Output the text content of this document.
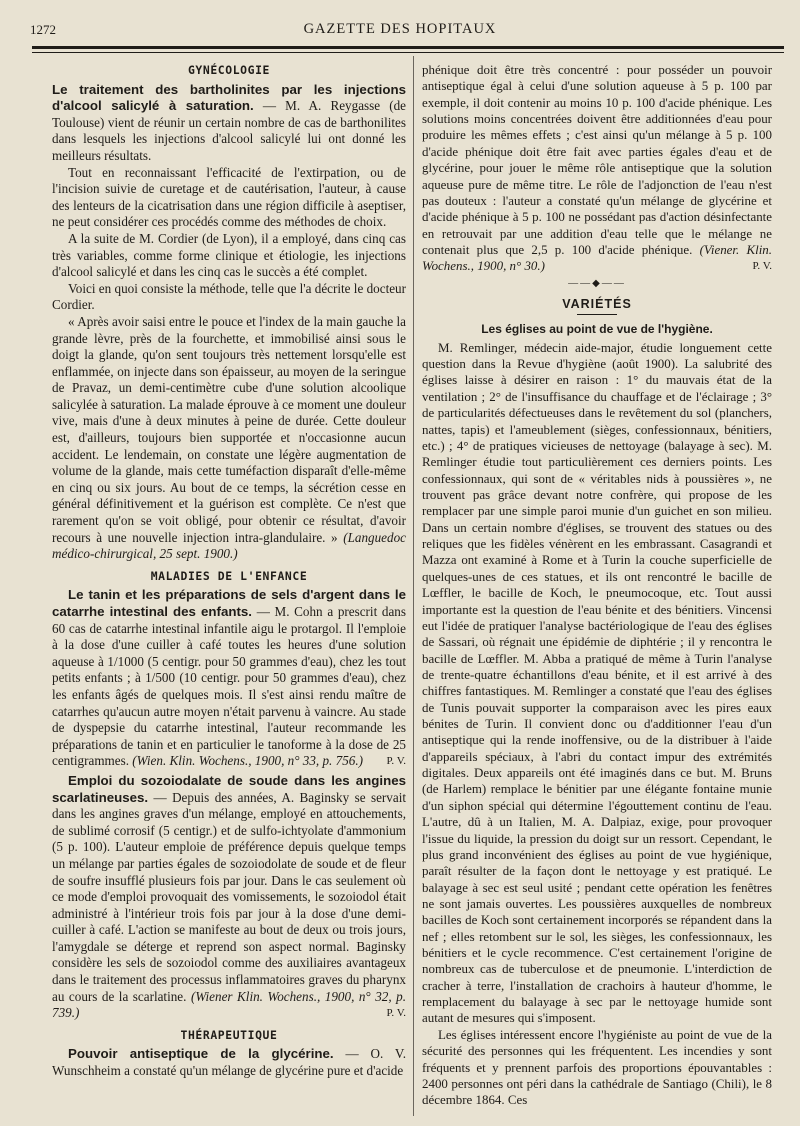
1272	GAZETTE DES HOPITAUX
GYNÉCOLOGIE
Le traitement des bartholinites par les injections d'alcool salicylé à saturation. — M. A. Reygasse (de Toulouse) vient de réunir un certain nombre de cas de barthonilites dans lesquels les injections d'alcool salicylé lui ont donné les meilleurs résultats.
Tout en reconnaissant l'efficacité de l'extirpation, ou de l'incision suivie de curetage et de cautérisation, l'auteur, à cause des lenteurs de la cicatrisation dans une région difficile à aseptiser, ne peut considérer ces procédés comme des méthodes de choix.
A la suite de M. Cordier (de Lyon), il a employé, dans cinq cas très variables, comme forme clinique et étiologie, les injections d'alcool salicylé et dans les cinq cas le succès a été complet.
Voici en quoi consiste la méthode, telle que l'a décrite le docteur Cordier.
« Après avoir saisi entre le pouce et l'index de la main gauche la grande lèvre, près de la fourchette, et immobilisé ainsi sous le doigt la glande, qu'on sent toujours très nettement lorsqu'elle est enflammée, on injecte dans son épaisseur, au moyen de la seringue de Pravaz, un demi-centimètre cube d'une solution alcoolique salicylée à saturation. La malade éprouve à ce moment une douleur vive, mais d'une à deux minutes à peine de durée. Cette douleur est, d'ailleurs, toujours bien supportée et n'occasionne aucun accident. Le lendemain, on constate une légère augmentation de volume de la glande, mais cette tuméfaction disparaît d'elle-même en cinq ou six jours. Au bout de ce temps, la sécrétion cesse en général définitivement et la guérison est complète. Ce n'est que rarement qu'on se voit obligé, pour obtenir ce résultat, d'avoir recours à une nouvelle injection intra-glandulaire. » (Languedoc médico-chirurgical, 25 sept. 1900.)
MALADIES DE L'ENFANCE
Le tanin et les préparations de sels d'argent dans le catarrhe intestinal des enfants. — M. Cohn a prescrit dans 60 cas de catarrhe intestinal infantile aigu le protargol. Il l'emploie à la dose d'une cuiller à café toutes les heures d'une solution aqueuse à 1/1000 (5 centigr. pour 50 grammes d'eau), chez les tout petits enfants ; à 1/500 (10 centigr. pour 50 grammes d'eau), chez les enfants âgés de quelques mois. Il s'est ainsi rendu maître de catarrhes qu'aucun autre moyen n'était parvenu à vaincre. Au stade de dyspepsie du catarrhe intestinal, l'auteur recommande les préparations de tanin et en particulier le tanoforme à la dose de 25 centigrammes. (Wien. Klin. Wochens., 1900, n° 33, p. 756.)	P. V.
Emploi du sozoiodalate de soude dans les angines scarlatineuses. — Depuis des années, A. Baginsky se servait dans les angines graves d'un mélange, employé en attouchements, de sublimé corrosif (5 centigr.) et de sulfo-ichtyolate d'ammonium (5 p. 100). L'auteur emploie de préférence depuis quelque temps un mélange par parties égales de sozoiodolate de soude et de fleur de soufre insufflé plusieurs fois par jour. Dans le cas seulement où ce mode d'emploi provoquait des vomissements, le sozoiodol était administré à l'intérieur trois fois par jour à la dose d'une demi-cuiller à café. L'action se manifeste au bout de deux ou trois jours, l'amygdale se déterge et reprend son aspect normal. Baginsky considère les sels de sozoiodol comme des auxiliaires avantageux dans le traitement des processus inflammatoires graves du pharynx au cours de la scarlatine. (Wiener Klin. Wochens., 1900, n° 32, p. 739.)	P. V.
THÉRAPEUTIQUE
Pouvoir antiseptique de la glycérine. — O. V. Wunschheim a constaté qu'un mélange de glycérine pure et d'acide
phénique doit être très concentré : pour posséder un pouvoir antiseptique égal à celui d'une solution aqueuse à 5 p. 100 par exemple, il doit contenir au moins 10 p. 100 d'acide phénique. Les solutions moins concentrées doivent être additionnées d'eau pour produire les mêmes effets ; c'est ainsi qu'un mélange à 5 p. 100 d'acide phénique doit être fait avec parties égales d'eau et de glycérine, pour jouer le même rôle antiseptique que la solution aqueuse pure de même titre. Le rôle de l'adjonction de l'eau n'est pas douteux : l'auteur a constaté qu'un mélange de glycérine et d'acide phénique à 5 p. 100 ne possédant pas d'action désinfectante en retrouvait par une addition d'eau telle que le mélange ne contenait plus que 2,5 p. 100 d'acide phénique. (Viener. Klin. Wochens., 1900, n° 30.)	P. V.
——◆——
VARIÉTÉS
Les églises au point de vue de l'hygiène.
M. Remlinger, médecin aide-major, étudie longuement cette question dans la Revue d'hygiène (août 1900). La salubrité des églises laisse à désirer en raison : 1° du mauvais état de la ventilation ; 2° de l'insuffisance du chauffage et de l'éclairage ; 3° de particularités défectueuses dans le revêtement du sol (planchers, nattes, tapis) et l'ameublement (sièges, confessionnaux, bénitiers, etc.) ; 4° de pratiques vicieuses de nettoyage (balayage à sec). M. Remlinger étudie tout particulièrement ces derniers points. Les confessionnaux, qui sont de « véritables nids à poussières », ne trouvent pas grâce devant notre confrère, qui propose de les remplacer par une simple paroi munie d'un guichet en son milieu. Dans un certain nombre d'églises, se trouvent des statues ou des reliques que les fidèles vénèrent en les embrassant. Casagrandi et Mazza ont examiné à Rome et à Turin la couche superficielle de quelques-unes de ces statues, et ils ont rencontré le bacille de Lœffler, le bacille de Koch, le pneumocoque, etc. Tout aussi importante est la question de l'eau bénite et des bénitiers. Vincensi eut l'idée de pratiquer l'analyse bactériologique de l'eau des églises de Sassari, où régnait une épidémie de diphtérie ; il y rencontra le bacille de Lœffler. M. Abba a pratiqué de même à Turin l'analyse de trente-quatre échantillons d'eau bénite, et il est arrivé à des chiffres fantastiques. M. Remlinger a constaté que l'eau des églises de Tunis pouvait supporter la comparaison avec les pires eaux bénites de Turin. Il convient donc ou d'additionner l'eau d'un antiseptique qui la rende inoffensive, ou de la distribuer à l'aide d'appareils spéciaux, à l'abri du contact impur des extrémités digitales. Deux appareils ont été imaginés dans ce but. M. Bruns (de Harlem) remplace le bénitier par une élégante fontaine munie d'un siphon spécial qui détermine l'égouttement continu de l'eau. L'autre, dû à un Italien, M. A. Dalpiaz, exige, pour provoquer l'issue du liquide, la pression du doigt sur un ressort. Cependant, le plus grand inconvénient des églises au point de vue hygiénique, paraît résulter de la façon dont le nettoyage y est pratiqué. Le balayage à sec est seul usité ; pendant cette opération les fenêtres ne sont jamais ouvertes. Les poussières auxquelles de nombreux bacilles de Koch sont certainement incorporés se répandent dans la nef ; elles retombent sur le sol, les sièges, les confessionnaux, les bénitiers et le cycle recommence. C'est certainement l'origine de nombreux cas de tuberculose et de pneumonie. L'interdiction de cracher à terre, l'installation de crachoirs à hauteur d'homme, le remplacement du balayage à sec par le nettoyage humide sont autant de mesures qui s'imposent.
Les églises intéressent encore l'hygiéniste au point de vue de la sécurité des personnes qui les fréquentent. Les incendies y sont fréquents et y prennent parfois des proportions épouvantables : 2400 personnes ont péri dans la cathédrale de Santiago (Chili), le 8 décembre 1864. Ces
